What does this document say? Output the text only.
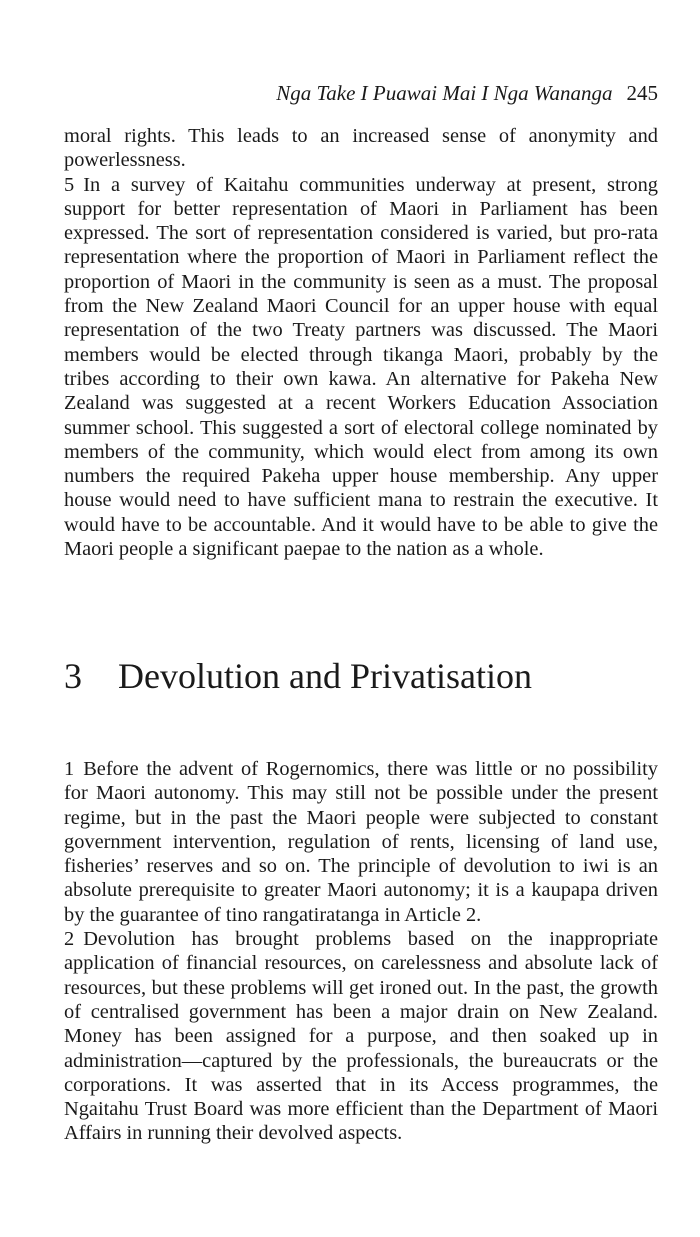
Nga Take I Puawai Mai I Nga Wananga 245

moral rights. This leads to an increased sense of anonymity and powerlessness.

5 In a survey of Kaitahu communities underway at present, strong support for better representation of Maori in Parliament has been expressed. The sort of representation considered is varied, but pro-rata representation where the proportion of Maori in Parliament reflect the proportion of Maori in the community is seen as a must. The proposal from the New Zealand Maori Council for an upper house with equal representation of the two Treaty partners was discussed. The Maori members would be elected through tikanga Maori, probably by the tribes according to their own kawa. An alternative for Pakeha New Zealand was suggested at a recent Workers Education Association summer school. This suggested a sort of electoral college nominated by members of the community, which would elect from among its own numbers the required Pakeha upper house membership. Any upper house would need to have sufficient mana to restrain the executive. It would have to be accountable. And it would have to be able to give the Maori people a significant paepae to the nation as a whole.

3 Devolution and Privatisation

1 Before the advent of Rogernomics, there was little or no possibility for Maori autonomy. This may still not be possible under the present regime, but in the past the Maori people were subjected to constant government intervention, regulation of rents, licensing of land use, fisheries’ reserves and so on. The principle of devolution to iwi is an absolute prerequisite to greater Maori autonomy; it is a kaupapa driven by the guarantee of tino rangatiratanga in Article 2.

2 Devolution has brought problems based on the inappropriate application of financial resources, on carelessness and absolute lack of resources, but these problems will get ironed out. In the past, the growth of centralised government has been a major drain on New Zealand. Money has been assigned for a purpose, and then soaked up in administration—captured by the professionals, the bureaucrats or the corporations. It was asserted that in its Access programmes, the Ngaitahu Trust Board was more efficient than the Department of Maori Affairs in running their devolved aspects.
